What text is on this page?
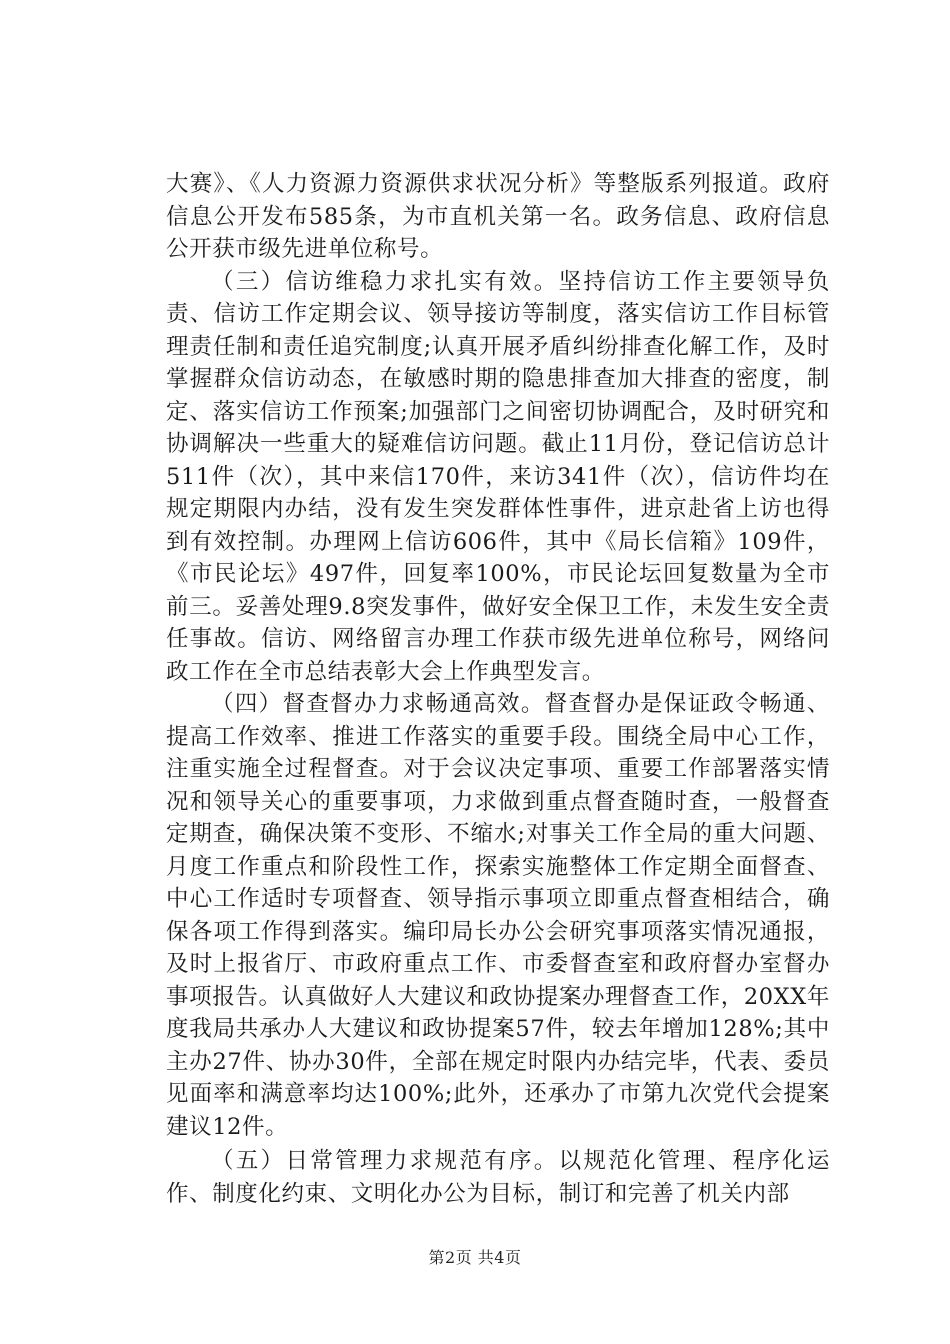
大赛》、《人力资源力资源供求状况分析》等整版系列报道。政府信息公开发布585条，为市直机关第一名。政务信息、政府信息公开获市级先进单位称号。

（三）信访维稳力求扎实有效。坚持信访工作主要领导负责、信访工作定期会议、领导接访等制度，落实信访工作目标管理责任制和责任追究制度;认真开展矛盾纠纷排查化解工作，及时掌握群众信访动态，在敏感时期的隐患排查加大排查的密度，制定、落实信访工作预案;加强部门之间密切协调配合，及时研究和协调解决一些重大的疑难信访问题。截止11月份，登记信访总计511件（次），其中来信170件，来访341件（次），信访件均在规定期限内办结，没有发生突发群体性事件，进京赴省上访也得到有效控制。办理网上信访606件，其中《局长信箱》109件，《市民论坛》497件，回复率100%，市民论坛回复数量为全市前三。妥善处理9.8突发事件，做好安全保卫工作，未发生安全责任事故。信访、网络留言办理工作获市级先进单位称号，网络问政工作在全市总结表彰大会上作典型发言。

（四）督查督办力求畅通高效。督查督办是保证政令畅通、提高工作效率、推进工作落实的重要手段。围绕全局中心工作，注重实施全过程督查。对于会议决定事项、重要工作部署落实情况和领导关心的重要事项，力求做到重点督查随时查，一般督查定期查，确保决策不变形、不缩水;对事关工作全局的重大问题、月度工作重点和阶段性工作，探索实施整体工作定期全面督查、中心工作适时专项督查、领导指示事项立即重点督查相结合，确保各项工作得到落实。编印局长办公会研究事项落实情况通报，及时上报省厅、市政府重点工作、市委督查室和政府督办室督办事项报告。认真做好人大建议和政协提案办理督查工作，20XX年度我局共承办人大建议和政协提案57件，较去年增加128%;其中主办27件、协办30件，全部在规定时限内办结完毕，代表、委员见面率和满意率均达100%;此外，还承办了市第九次党代会提案建议12件。

（五）日常管理力求规范有序。以规范化管理、程序化运作、制度化约束、文明化办公为目标，制订和完善了机关内部

第2页 共4页
